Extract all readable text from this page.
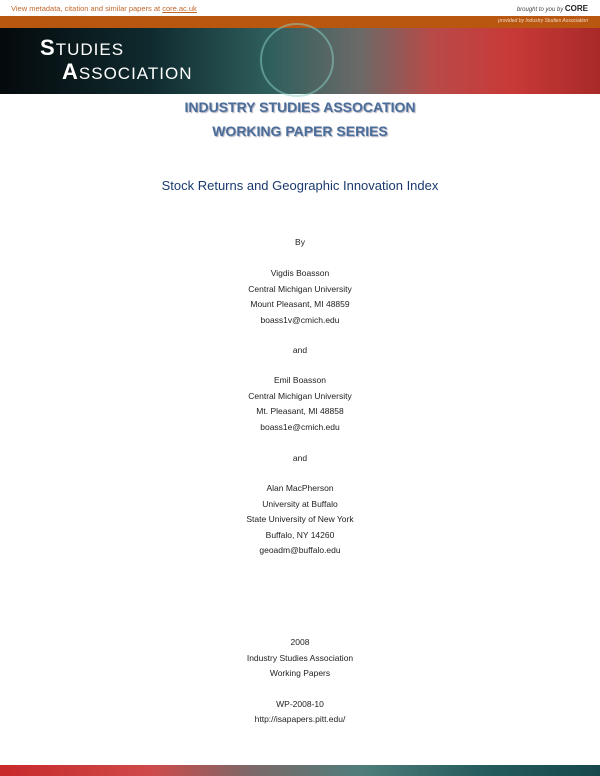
View metadata, citation and similar papers at core.ac.uk	brought to you by CORE
provided by Industry Studies Association
STUDIES
ASSOCIATION
INDUSTRY STUDIES ASSOCATION
WORKING PAPER SERIES
Stock Returns and Geographic Innovation Index
By
Vigdis Boasson
Central Michigan University
Mount Pleasant, MI 48859
boass1v@cmich.edu
and
Emil Boasson
Central Michigan University
Mt. Pleasant, MI 48858
boass1e@cmich.edu
and
Alan MacPherson
University at Buffalo
State University of New York
Buffalo, NY 14260
geoadm@buffalo.edu
2008
Industry Studies Association
Working Papers
WP-2008-10
http://isapapers.pitt.edu/
